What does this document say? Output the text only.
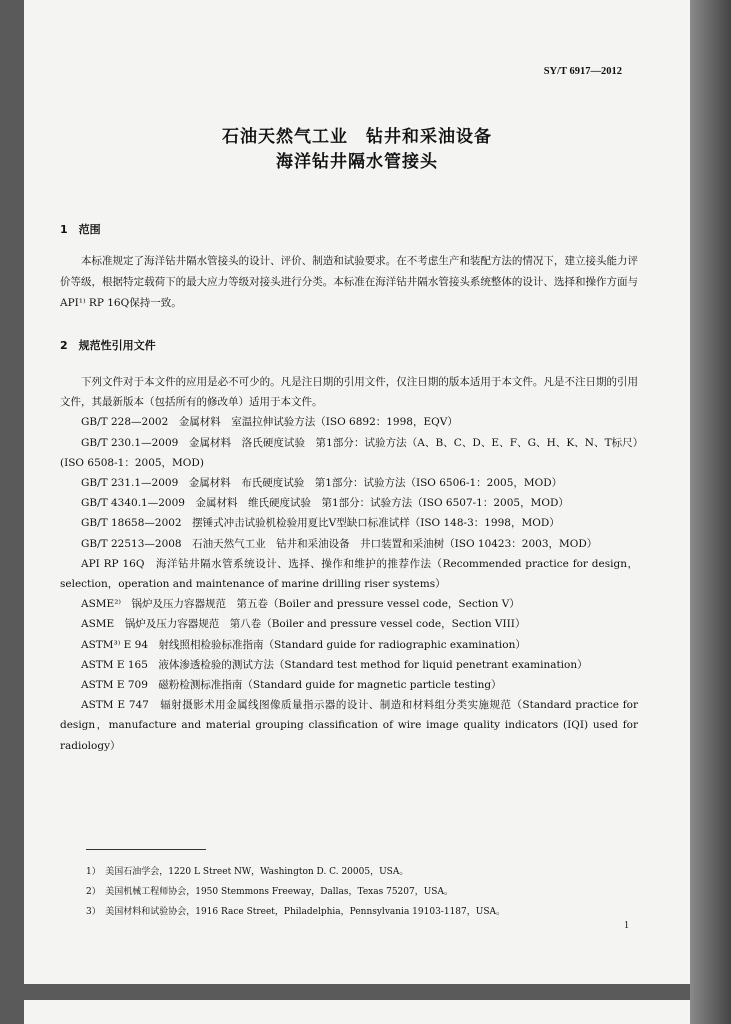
SY/T 6917—2012
石油天然气工业　钻井和采油设备
海洋钻井隔水管接头
1　范围
本标准规定了海洋钻井隔水管接头的设计、评价、制造和试验要求。在不考虑生产和装配方法的情况下，建立接头能力评价等级，根据特定载荷下的最大应力等级对接头进行分类。本标准在海洋钻井隔水管接头系统整体的设计、选择和操作方面与API¹⁾ RP 16Q保持一致。
2　规范性引用文件

下列文件对于本文件的应用是必不可少的。凡是注日期的引用文件，仅注日期的版本适用于本文件。凡是不注日期的引用文件，其最新版本（包括所有的修改单）适用于本文件。

GB/T 228—2002　金属材料　室温拉伸试验方法（ISO 6892：1998，EQV）

GB/T 230.1—2009　金属材料　洛氏硬度试验　第1部分：试验方法（A、B、C、D、E、F、G、H、K、N、T标尺）(ISO 6508-1：2005，MOD)

GB/T 231.1—2009　金属材料　布氏硬度试验　第1部分：试验方法（ISO 6506-1：2005，MOD）

GB/T 4340.1—2009　金属材料　维氏硬度试验　第1部分：试验方法（ISO 6507-1：2005，MOD）

GB/T 18658—2002　摆锤式冲击试验机检验用夏比V型缺口标准试样（ISO 148-3：1998，MOD）

GB/T 22513—2008　石油天然气工业　钻井和采油设备　井口装置和采油树（ISO 10423：2003，MOD）

API RP 16Q　海洋钻井隔水管系统设计、选择、操作和维护的推荐作法（Recommended practice for design，selection，operation and maintenance of marine drilling riser systems）

ASME²⁾　锅炉及压力容器规范　第五卷（Boiler and pressure vessel code，Section V）

ASME　锅炉及压力容器规范　第八卷（Boiler and pressure vessel code，Section VIII）

ASTM³⁾ E 94　射线照相检验标准指南（Standard guide for radiographic examination）

ASTM E 165　液体渗透检验的测试方法（Standard test method for liquid penetrant examination）

ASTM E 709　磁粉检测标准指南（Standard guide for magnetic particle testing）

ASTM E 747　辐射摄影术用金属线图像质量指示器的设计、制造和材料组分类实施规范（Standard practice for design，manufacture and material grouping classification of wire image quality indicators (IQI) used for radiology）

1）　美国石油学会，1220 L Street NW，Washington D. C. 20005，USA。

2）　美国机械工程师协会，1950 Stemmons Freeway，Dallas，Texas 75207，USA。

3）　美国材料和试验协会，1916 Race Street，Philadelphia，Pennsylvania 19103-1187，USA。

1
